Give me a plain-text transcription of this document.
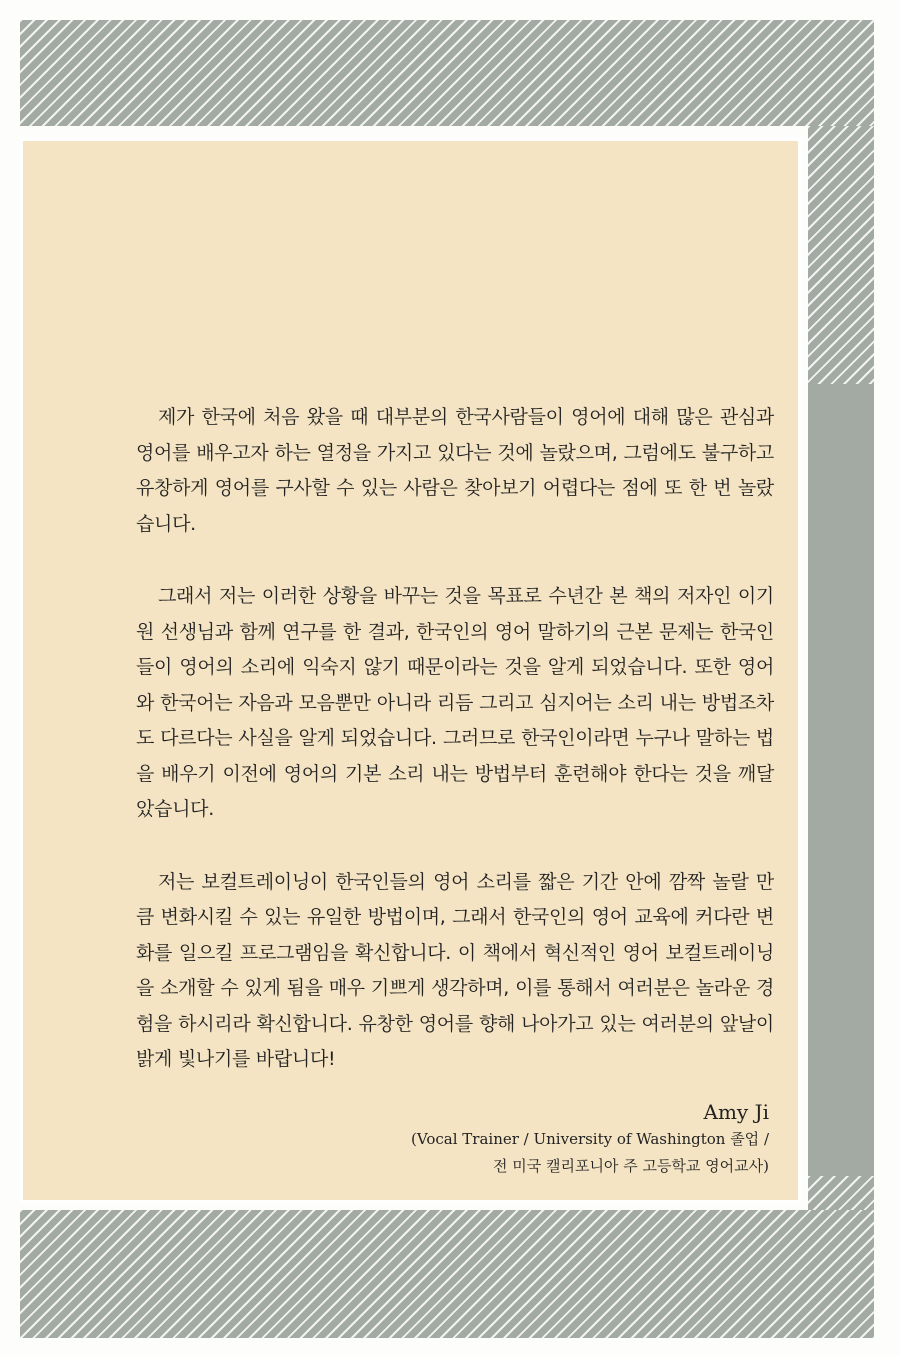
제가 한국에 처음 왔을 때 대부분의 한국사람들이 영어에 대해 많은 관심과 영어를 배우고자 하는 열정을 가지고 있다는 것에 놀랐으며, 그럼에도 불구하고 유창하게 영어를 구사할 수 있는 사람은 찾아보기 어렵다는 점에 또 한 번 놀랐습니다.

그래서 저는 이러한 상황을 바꾸는 것을 목표로 수년간 본 책의 저자인 이기원 선생님과 함께 연구를 한 결과, 한국인의 영어 말하기의 근본 문제는 한국인들이 영어의 소리에 익숙지 않기 때문이라는 것을 알게 되었습니다. 또한 영어와 한국어는 자음과 모음뿐만 아니라 리듬 그리고 심지어는 소리 내는 방법조차도 다르다는 사실을 알게 되었습니다. 그러므로 한국인이라면 누구나 말하는 법을 배우기 이전에 영어의 기본 소리 내는 방법부터 훈련해야 한다는 것을 깨달았습니다.

저는 보컬트레이닝이 한국인들의 영어 소리를 짧은 기간 안에 깜짝 놀랄 만큼 변화시킬 수 있는 유일한 방법이며, 그래서 한국인의 영어 교육에 커다란 변화를 일으킬 프로그램임을 확신합니다. 이 책에서 혁신적인 영어 보컬트레이닝을 소개할 수 있게 됨을 매우 기쁘게 생각하며, 이를 통해서 여러분은 놀라운 경험을 하시리라 확신합니다. 유창한 영어를 향해 나아가고 있는 여러분의 앞날이 밝게 빛나기를 바랍니다!

Amy Ji
(Vocal Trainer / University of Washington 졸업 /
전 미국 캘리포니아 주 고등학교 영어교사)
